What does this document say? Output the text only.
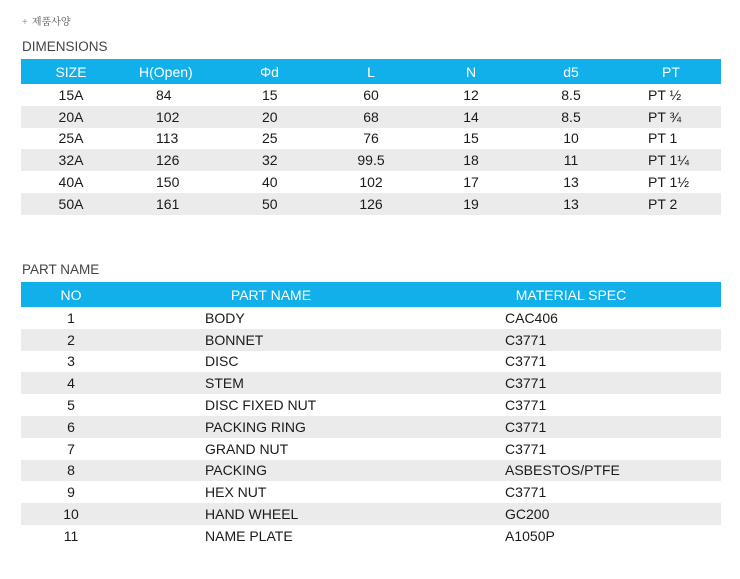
+ 제품사양
DIMENSIONS
SIZE	H(Open)	Φd	L	N	d5	PT
15A	84	15	60	12	8.5	PT ½
20A	102	20	68	14	8.5	PT ¾
25A	113	25	76	15	10	PT 1
32A	126	32	99.5	18	11	PT 1¼
40A	150	40	102	17	13	PT 1½
50A	161	50	126	19	13	PT 2
PART NAME
NO	PART NAME	MATERIAL SPEC
1	BODY	CAC406
2	BONNET	C3771
3	DISC	C3771
4	STEM	C3771
5	DISC FIXED NUT	C3771
6	PACKING RING	C3771
7	GRAND NUT	C3771
8	PACKING	ASBESTOS/PTFE
9	HEX NUT	C3771
10	HAND WHEEL	GC200
11	NAME PLATE	A1050P
